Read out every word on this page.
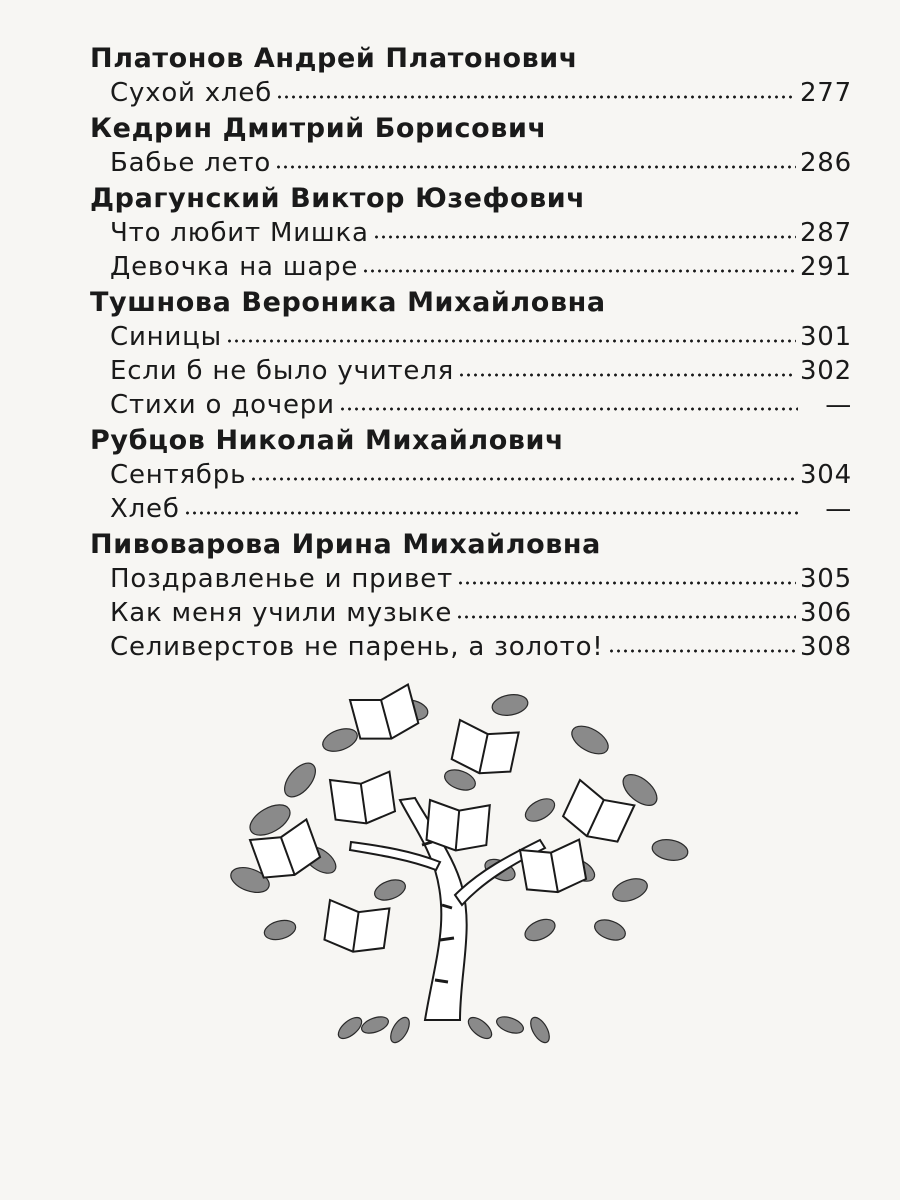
Платонов Андрей Платонович
Сухой хлеб	277
Кедрин Дмитрий Борисович
Бабье лето	286
Драгунский Виктор Юзефович
Что любит Мишка	287
Девочка на шаре	291
Тушнова Вероника Михайловна
Синицы	301
Если б не было учителя	302
Стихи о дочери	—
Рубцов Николай Михайлович
Сентябрь	304
Хлеб	—
Пивоварова Ирина Михайловна
Поздравленье и привет	305
Как меня учили музыке	306
Селиверстов не парень, а золото!	308
